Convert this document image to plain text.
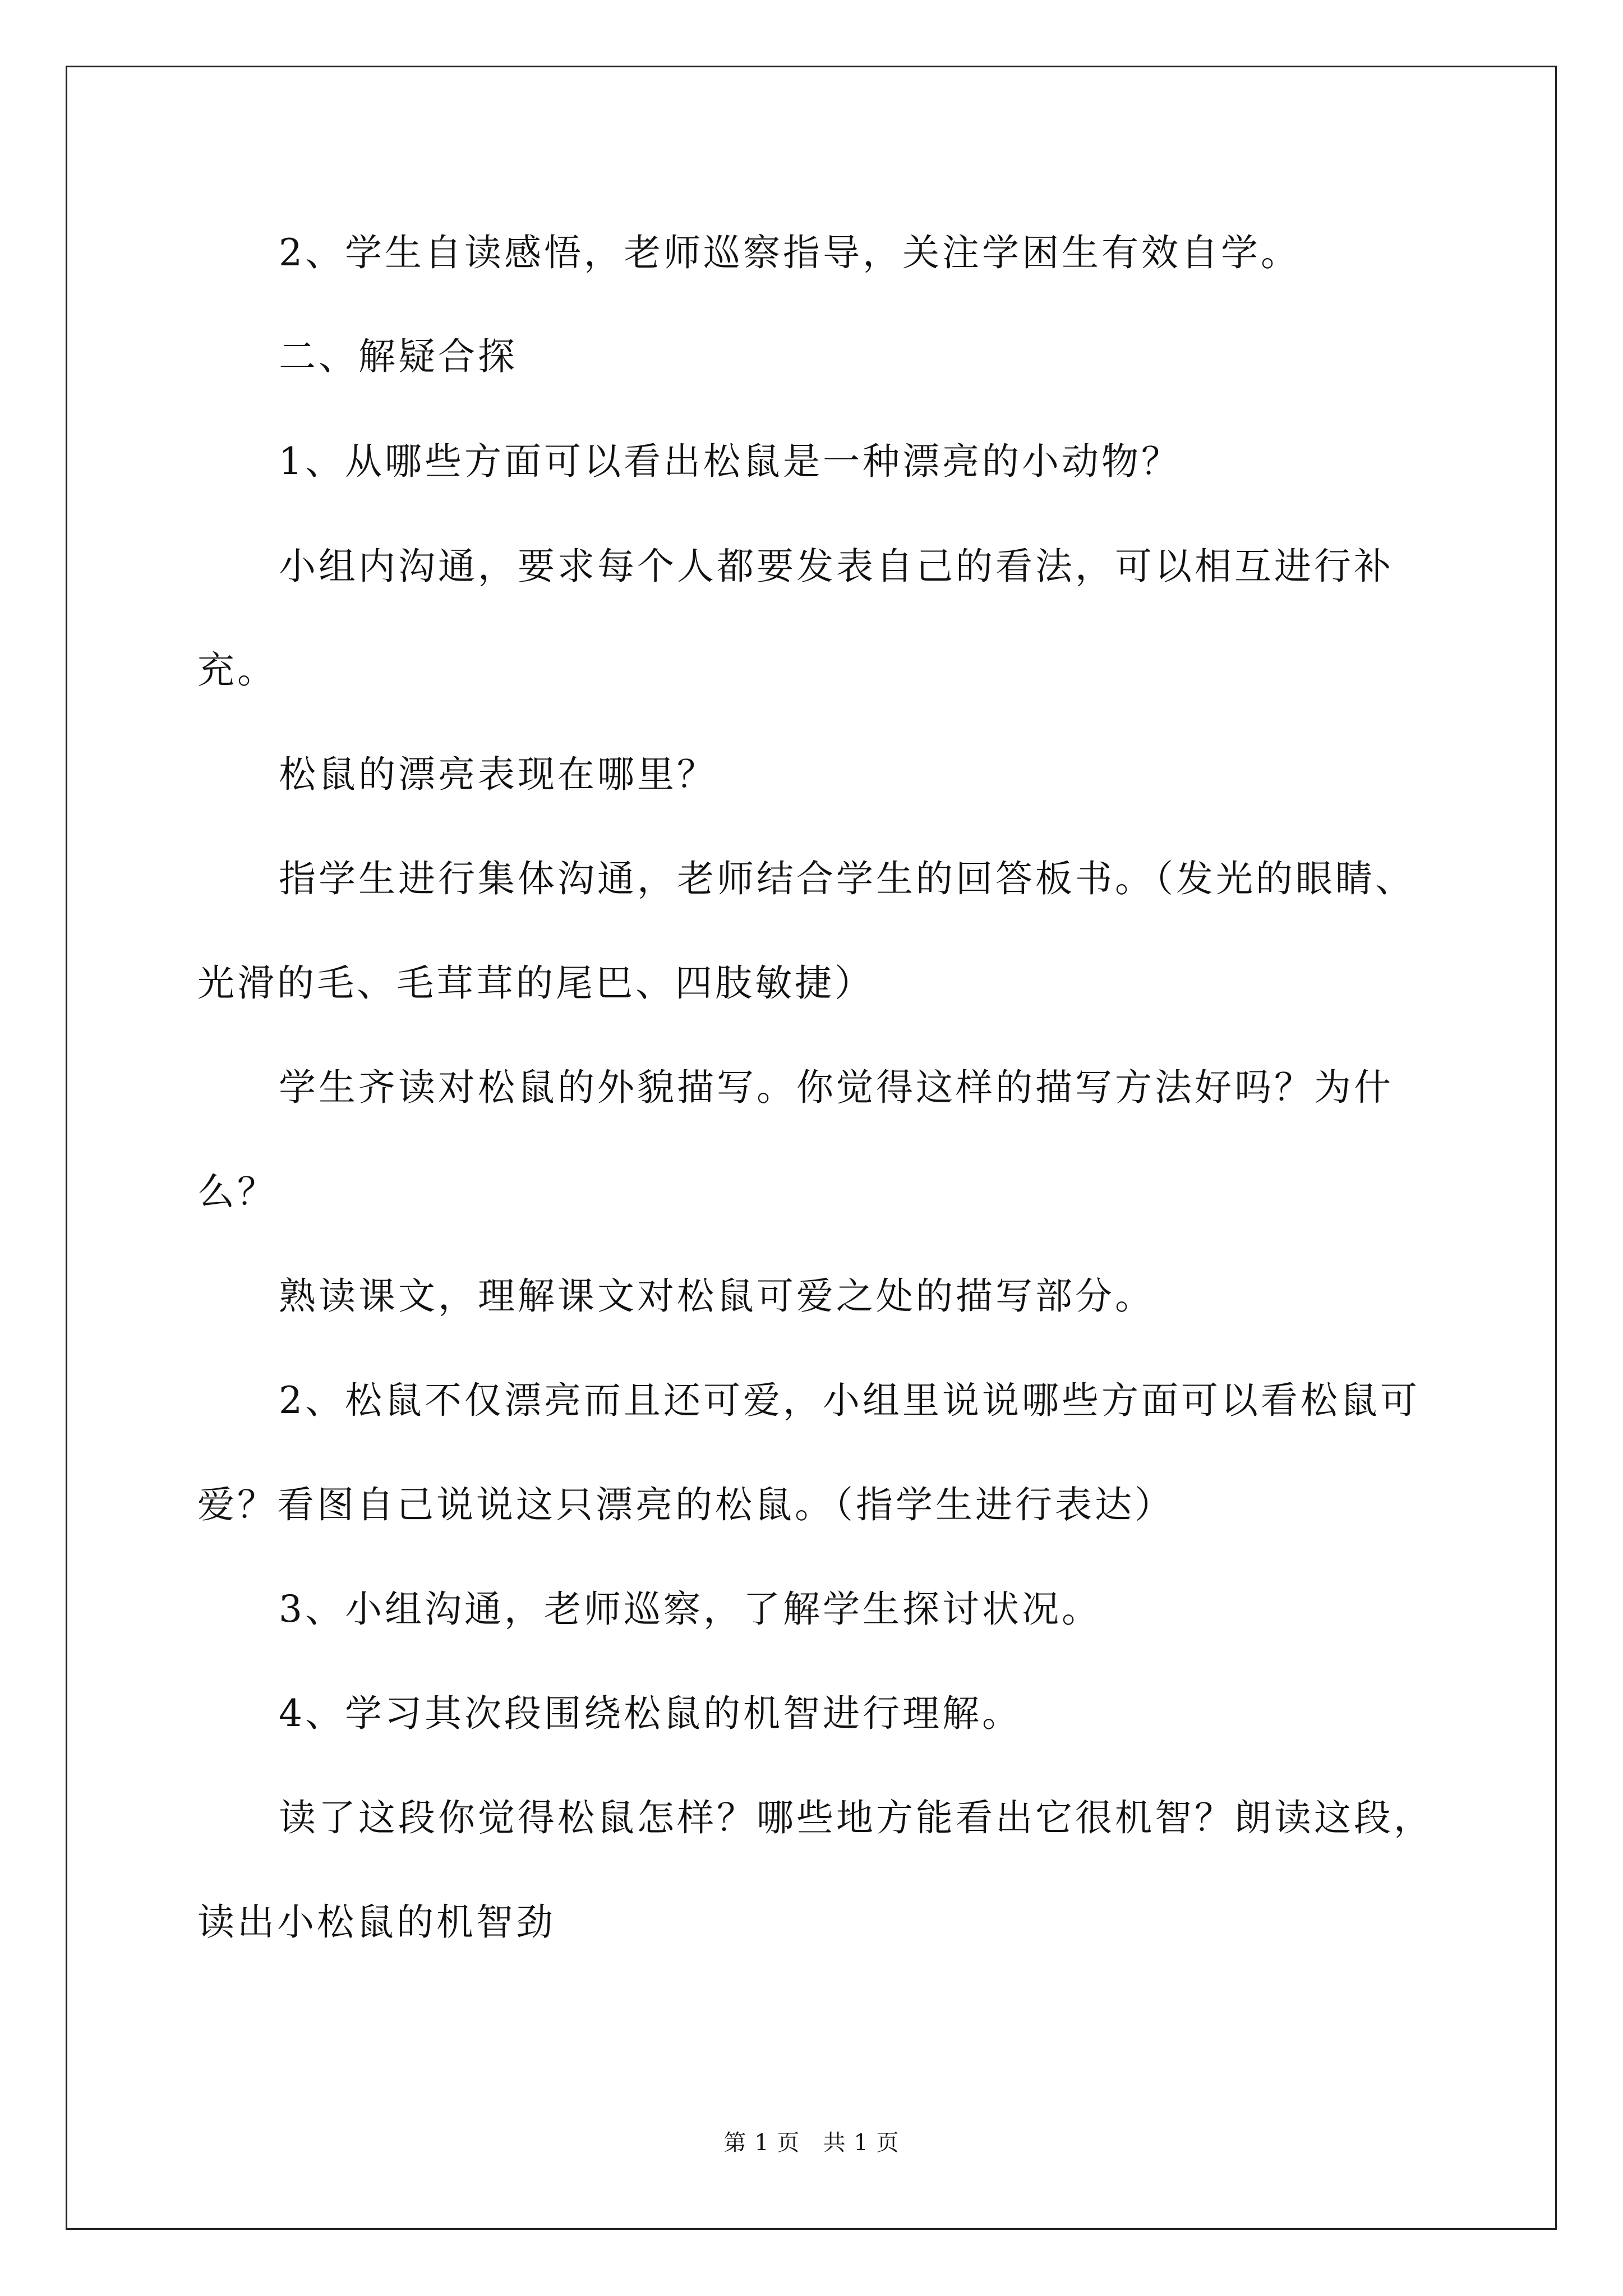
2、学生自读感悟，老师巡察指导，关注学困生有效自学。
二、解疑合探
1、从哪些方面可以看出松鼠是一种漂亮的小动物？
小组内沟通，要求每个人都要发表自己的看法，可以相互进行补
充。
松鼠的漂亮表现在哪里？
指学生进行集体沟通，老师结合学生的回答板书。（发光的眼睛、
光滑的毛、毛茸茸的尾巴、四肢敏捷）
学生齐读对松鼠的外貌描写。你觉得这样的描写方法好吗？为什
么？
熟读课文，理解课文对松鼠可爱之处的描写部分。
2、松鼠不仅漂亮而且还可爱，小组里说说哪些方面可以看松鼠可
爱？看图自己说说这只漂亮的松鼠。（指学生进行表达）
3、小组沟通，老师巡察，了解学生探讨状况。
4、学习其次段围绕松鼠的机智进行理解。
读了这段你觉得松鼠怎样？哪些地方能看出它很机智？朗读这段，
读出小松鼠的机智劲
第 1 页   共 1 页
